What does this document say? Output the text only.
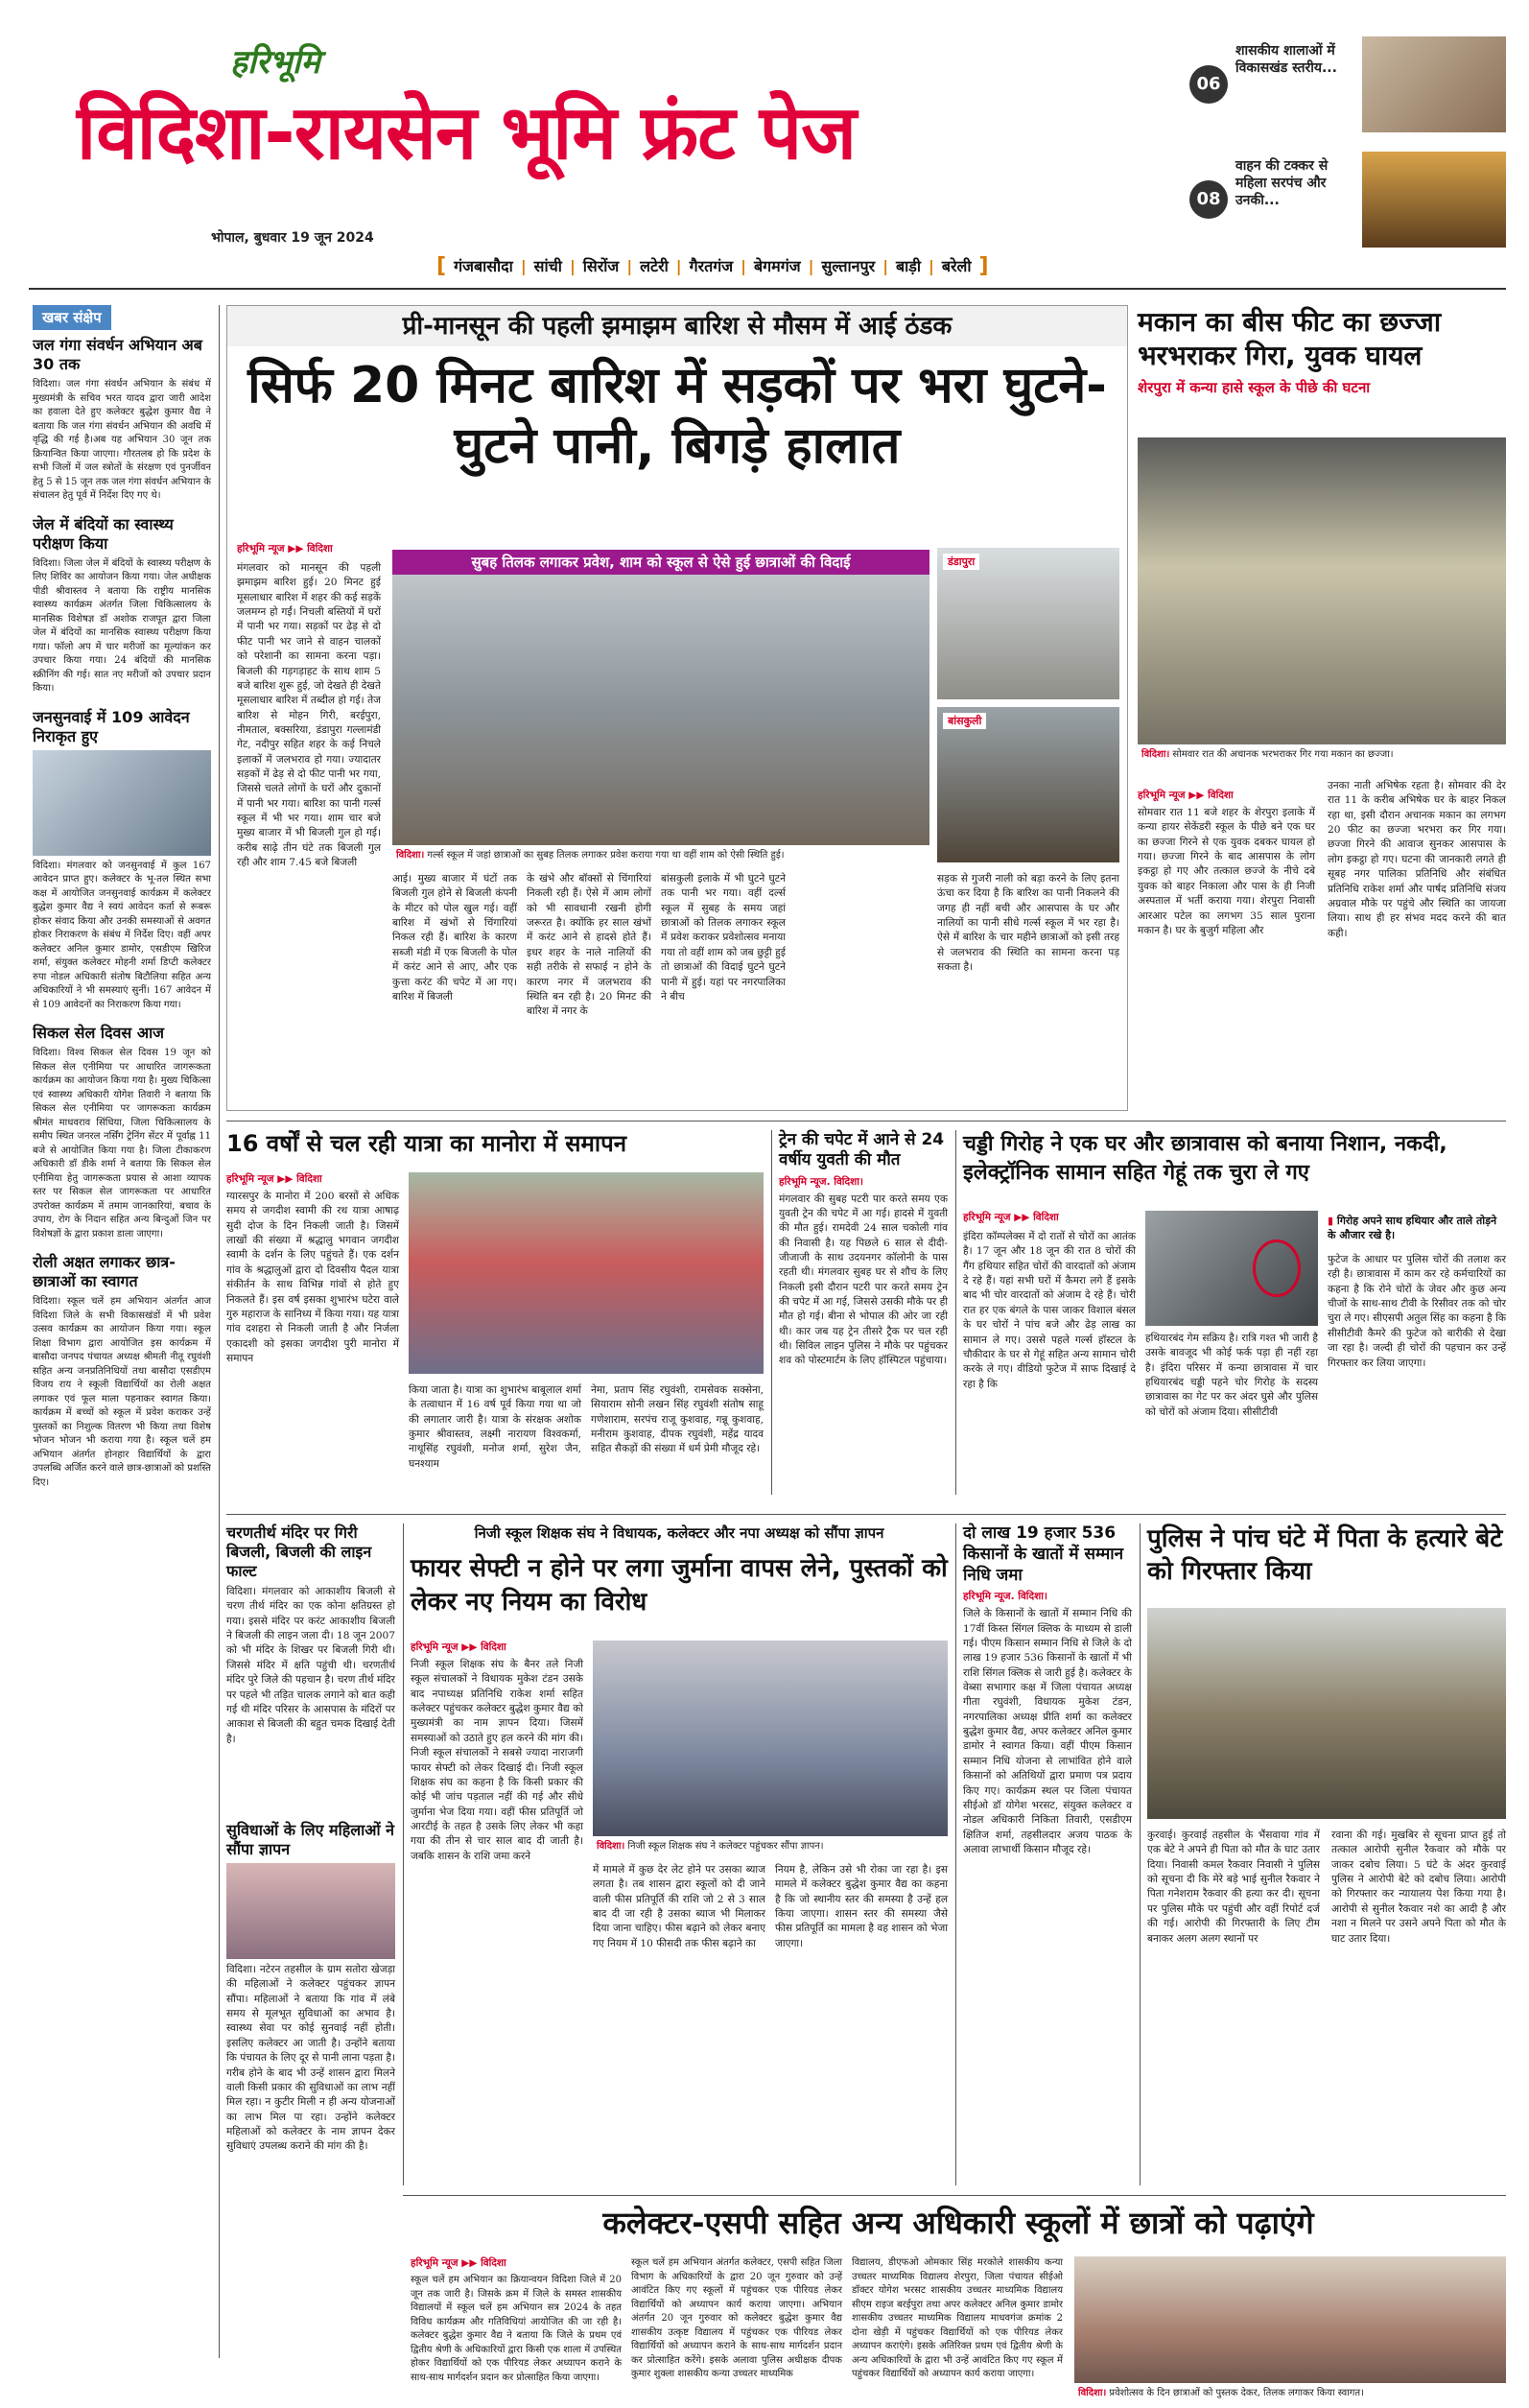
हरिभूमि
विदिशा-रायसेन भूमि फ्रंट पेज
भोपाल, बुधवार 19 जून 2024
06
शासकीय शालाओं में विकासखंड स्तरीय...
08
वाहन की टक्कर से महिला सरपंच और उनकी...
[ गंजबासौदा | सांची | सिरोंज | लटेरी | गैरतगंज | बेगमगंज | सुल्तानपुर | बाड़ी | बरेली ]
खबर संक्षेप
जल गंगा संवर्धन अभियान अब 30 तक
विदिशा। जल गंगा संवर्धन अभियान के संबंध में मुख्यमंत्री के सचिव भरत यादव द्वारा जारी आदेश का हवाला देते हुए कलेक्टर बुद्धेश कुमार वैद्य ने बताया कि जल गंगा संवर्धन अभियान की अवधि में वृद्धि की गई है।अब यह अभियान 30 जून तक क्रियान्वित किया जाएगा। गौरतलब हो कि प्रदेश के सभी जिलों में जल स्त्रोतों के संरक्षण एवं पुनर्जीवन हेतु 5 से 15 जून तक जल गंगा संवर्धन अभियान के संचालन हेतु पूर्व में निर्देश दिए गए थे।
जेल में बंदियों का स्वास्थ्य परीक्षण किया
विदिशा। जिला जेल में बंदियों के स्वास्थ्य परीक्षण के लिए शिविर का आयोजन किया गया। जेल अधीक्षक पीडी श्रीवास्तव ने बताया कि राष्ट्रीय मानसिक स्वास्थ्य कार्यक्रम अंतर्गत जिला चिकित्सालय के मानसिक विशेषज्ञ डॉ अशोक राजपूत द्वारा जिला जेल में बंदियों का मानसिक स्वास्थ्य परीक्षण किया गया। फॉलो अप में चार मरीजों का मूल्यांकन कर उपचार किया गया। 24 बंदियों की मानसिक स्क्रीनिंग की गई। सात नए मरीजों को उपचार प्रदान किया।
जनसुनवाई में 109 आवेदन निराकृत हुए
विदिशा। मंगलवार को जनसुनवाई में कुल 167 आवेदन प्राप्त हुए। कलेक्टर के भू-तल स्थित सभा कक्ष में आयोजित जनसुनवाई कार्यक्रम में कलेक्टर बुद्धेश कुमार वैद्य ने स्वयं आवेदन कर्ता से रूबरू होकर संवाद किया और उनकी समस्याओं से अवगत होकर निराकरण के संबंध में निर्देश दिए। वहीं अपर कलेक्टर अनिल कुमार डामोर, एसडीएम खिरिज शर्मा, संयुक्त कलेक्टर मोहनी शर्मा डिप्टी कलेक्टर रुपा नोडल अधिकारी संतोष बिटौलिया सहित अन्य अधिकारियों ने भी समस्याएं सुनीं। 167 आवेदन में से 109 आवेदनों का निराकरण किया गया।
सिकल सेल दिवस आज
विदिशा। विश्व सिकल सेल दिवस 19 जून को सिकल सेल एनीमिया पर आधारित जागरूकता कार्यक्रम का आयोजन किया गया है। मुख्य चिकित्सा एवं स्वास्थ्य अधिकारी योगेश तिवारी ने बताया कि सिकल सेल एनीमिया पर जागरूकता कार्यक्रम श्रीमंत माधवराव सिंधिया, जिला चिकित्सालय के समीप स्थित जनरल नर्सिंग ट्रेनिंग सेंटर में पूर्वाह्न 11 बजे से आयोजित किया गया है। जिला टीकाकरण अधिकारी डॉ डीके शर्मा ने बताया कि सिकल सेल एनीमिया हेतु जागरूकता प्रयास से आशा व्यापक स्तर पर सिकल सेल जागरूकता पर आधारित उपरोक्त कार्यक्रम में तमाम जानकारियां, बचाव के उपाय, रोग के निदान सहित अन्य बिन्दुओं जिन पर विशेषज्ञों के द्वारा प्रकाश डाला जाएगा।
रोली अक्षत लगाकर छात्र-छात्राओं का स्वागत
विदिशा। स्कूल चलें हम अभियान अंतर्गत आज विदिशा जिले के सभी विकासखंडों में भी प्रवेश उत्सव कार्यक्रम का आयोजन किया गया। स्कूल शिक्षा विभाग द्वारा आयोजित इस कार्यक्रम में बासौदा जनपद पंचायत अध्यक्ष श्रीमती नीतू रघुवंशी सहित अन्य जनप्रतिनिधियों तथा बासौदा एसडीएम विजय राय ने स्कूली विद्यार्थियों का रोली अक्षत लगाकर एवं फूल माला पहनाकर स्वागत किया। कार्यक्रम में बच्चों को स्कूल में प्रवेश कराकर उन्हें पुस्तकों का निशुल्क वितरण भी किया तथा विशेष भोजन भोजन भी कराया गया है। स्कूल चलें हम अभियान अंतर्गत होनहार विद्यार्थियों के द्वारा उपलब्धि अर्जित करने वाले छात्र-छात्राओं को प्रशस्ति दिए।
प्री-मानसून की पहली झमाझम बारिश से मौसम में आई ठंडक
सिर्फ 20 मिनट बारिश में सड़कों पर भरा घुटने-घुटने पानी, बिगड़े हालात
हरिभूमि न्यूज ▶▶ विदिशा
मंगलवार को मानसून की पहली झमाझम बारिश हुई। 20 मिनट हुई मूसलाधार बारिश में शहर की कई सड़कें जलमग्न हो गईं। निचली बस्तियों में घरों में पानी भर गया। सड़कों पर ढेड़ से दो फीट पानी भर जाने से वाहन चालकों को परेशानी का सामना करना पड़ा। बिजली की गड़गड़ाहट के साथ शाम 5 बजे बारिश शुरू हुई, जो देखते ही देखते मूसलाधार बारिश में तब्दील हो गई। तेज बारिश से मोहन गिरी, बरईपुरा, नीमताल, बक्सरिया, डंडापुरा गल्लामंडी गेट, नदीपुर सहित शहर के कई निचले इलाकों में जलभराव हो गया। ज्यादातर सड़कों में ढेड़ से दो फीट पानी भर गया, जिससे चलते लोगों के घरों और दुकानों में पानी भर गया। बारिश का पानी गर्ल्स स्कूल में भी भर गया। शाम चार बजे मुख्य बाजार में भी बिजली गुल हो गई। करीब साढ़े तीन घंटे तक बिजली गुल रही और शाम 7.45 बजे बिजली
सुबह तिलक लगाकर प्रवेश, शाम को स्कूल से ऐसे हुई छात्राओं की विदाई
विदिशा। गर्ल्स स्कूल में जहां छात्राओं का सुबह तिलक लगाकर प्रवेश कराया गया था वहीं शाम को ऐसी स्थिति हुई।
डंडापुरा
बांसकुली
आई। मुख्य बाजार में घंटों तक बिजली गुल होने से बिजली कंपनी के मीटर को पोल खुल गई। वहीं बारिश में खंभों से चिंगारियां निकल रही हैं। बारिश के कारण सब्जी मंडी में एक बिजली के पोल में करंट आने से आए, और एक कुत्ता करंट की चपेट में आ गए। बारिश में बिजली
के खंभे और बॉक्सों से चिंगारियां निकली रही हैं। ऐसे में आम लोगों को भी सावधानी रखनी होगी जरूरत है। क्योंकि हर साल खंभों में करंट आने से हादसे होते हैं। इधर शहर के नाले नालियों की सही तरीके से सफाई न होने के कारण नगर में जलभराव की स्थिति बन रही है। 20 मिनट की बारिश में नगर के
बांसकुली इलाके में भी घुटने घुटने तक पानी भर गया। वहीं दर्ल्स स्कूल में सुबह के समय जहां छात्राओं को तिलक लगाकर स्कूल में प्रवेश कराकर प्रवेशोत्सव मनाया गया तो वहीं शाम को जब छुट्टी हुई तो छात्राओं की विदाई घुटने घुटने पानी में हुई। यहां पर नगरपालिका ने बीच
सड़क से गुजरी नाली को बड़ा करने के लिए इतना ऊंचा कर दिया है कि बारिश का पानी निकलने की जगह ही नहीं बची और आसपास के घर और नालियों का पानी सीधे गर्ल्स स्कूल में भर रहा है। ऐसे में बारिश के चार महीने छात्राओं को इसी तरह से जलभराव की स्थिति का सामना करना पड़ सकता है।
मकान का बीस फीट का छज्जा भरभराकर गिरा, युवक घायल
शेरपुरा में कन्या हासे स्कूल के पीछे की घटना
विदिशा। सोमवार रात की अचानक भरभराकर गिर गया मकान का छज्जा।
हरिभूमि न्यूज ▶▶ विदिशा
सोमवार रात 11 बजे शहर के शेरपुरा इलाके में कन्या हायर सेकेंडरी स्कूल के पीछे बने एक घर का छज्जा गिरने से एक युवक दबकर घायल हो गया। छज्जा गिरने के बाद आसपास के लोग इकट्ठा हो गए और तत्काल छज्जे के नीचे दबे युवक को बाहर निकाला और पास के ही निजी अस्पताल में भर्ती कराया गया। शेरपुरा निवासी आरआर पटेल का लगभग 35 साल पुराना मकान है। घर के बुजुर्ग महिला और
उनका नाती अभिषेक रहता है। सोमवार की देर रात 11 के करीब अभिषेक घर के बाहर निकल रहा था, इसी दौरान अचानक मकान का लगभग 20 फीट का छज्जा भरभरा कर गिर गया। छज्जा गिरने की आवाज सुनकर आसपास के लोग इकट्ठा हो गए। घटना की जानकारी लगते ही सूबह नगर पालिका प्रतिनिधि और संबंधित प्रतिनिधि राकेश शर्मा और पार्षद प्रतिनिधि संजय अग्रवाल मौके पर पहुंचे और स्थिति का जायजा लिया। साथ ही हर संभव मदद करने की बात कही।
16 वर्षों से चल रही यात्रा का मानोरा में समापन
हरिभूमि न्यूज ▶▶ विदिशा
ग्यारसपुर के मानोरा में 200 बरसों से अधिक समय से जगदीश स्वामी की रथ यात्रा आषाढ़ सुदी दोज के दिन निकली जाती है। जिसमें लाखों की संख्या में श्रद्धालु भगवान जगदीश स्वामी के दर्शन के लिए पहुंचते हैं। एक दर्शन गांव के श्रद्धालुओं द्वारा दो दिवसीय पैदल यात्रा संकीर्तन के साथ विभिन्न गांवों से होते हुए निकलते हैं। इस वर्ष इसका शुभारंभ घटेरा वाले गुरु महाराज के सानिध्य में किया गया। यह यात्रा गांव दशहरा से निकली जाती है और निर्जला एकादशी को इसका जगदीश पुरी मानोरा में समापन
किया जाता है। यात्रा का शुभारंभ बाबूलाल शर्मा के तत्वाधान में 16 वर्ष पूर्व किया गया था जो की लगातार जारी है। यात्रा के संरक्षक अशोक कुमार श्रीवास्तव, लक्ष्मी नारायण विश्वकर्मा, नाथूसिंह रघुवंशी, मनोज शर्मा, सुरेश जैन, घनश्याम
नेमा, प्रताप सिंह रघुवंशी, रामसेवक सक्सेना, सियाराम सोनी लखन सिंह रघुवंशी संतोष साहू गणेशाराम, सरपंच राजू कुशवाह, गन्नू कुशवाह, मनीराम कुशवाह, दीपक रघुवंशी, महेंद्र यादव सहित सैकड़ों की संख्या में धर्म प्रेमी मौजूद रहे।
ट्रेन की चपेट में आने से 24 वर्षीय युवती की मौत
हरिभूमि न्यूज. विदिशा।
मंगलवार की सुबह पटरी पार करते समय एक युवती ट्रेन की चपेट में आ गई। हादसे में युवती की मौत हुई। रामदेवी 24 साल चकोली गांव की निवासी है। यह पिछले 6 साल से दीदी-जीजाजी के साथ उदयनगर कॉलोनी के पास रहती थी। मंगलवार सुबह घर से शौच के लिए निकली इसी दौरान पटरी पार करते समय ट्रेन की चपेट में आ गई, जिससे उसकी मौके पर ही मौत हो गई। बीना से भोपाल की ओर जा रही थी। कार जब यह ट्रेन तीसरे ट्रैक पर चल रही थी। सिविल लाइन पुलिस ने मौके पर पहुंचकर शव को पोस्टमार्टम के लिए हॉस्पिटल पहुंचाया।
चड्डी गिरोह ने एक घर और छात्रावास को बनाया निशान, नकदी, इलेक्ट्रॉनिक सामान सहित गेहूं तक चुरा ले गए
हरिभूमि न्यूज ▶▶ विदिशा
इंदिरा कॉम्पलेक्स में दो रातों से चोरों का आतंक है। 17 जून और 18 जून की रात 8 चोरों की गैंग हथियार सहित चोरों की वारदातों को अंजाम दे रहे हैं। यहां सभी घरों में कैमरा लगे हैं इसके बाद भी चोर वारदातों को अंजाम दे रहे हैं। चोरी रात हर एक बंगले के पास जाकर विशाल बंसल के घर चोरों ने पांच बजे और ढेड़ लाख का सामान ले गए। उससे पहले गर्ल्स हॉस्टल के चौकीदार के घर से गेहूं सहित अन्य सामान चोरी करके ले गए। वीडियो फुटेज में साफ दिखाई दे रहा है कि
▮ गिरोह अपने साथ हथियार और ताले तोड़ने के औजार रखे है।
हथियारबंद गेम सक्रिय है। रात्रि गश्त भी जारी है उसके बावजूद भी कोई फर्क पड़ा ही नहीं रहा है। इंदिरा परिसर में कन्या छात्रावास में चार हथियारबंद चड्डी पहने चोर गिरोह के सदस्य छात्रावास का गेट पर कर अंदर घुसे और पुलिस को चोरों को अंजाम दिया। सीसीटीवी
फुटेज के आधार पर पुलिस चोरों की तलाश कर रही है। छात्रावास में काम कर रहे कर्मचारियों का कहना है कि रोने चोरों के जेवर और कुछ अन्य चीजों के साथ-साथ टीवी के रिसीवर तक को चोर चुरा ले गए। सीएसपी अतुल सिंह का कहना है कि सीसीटीवी कैमरे की फुटेज को बारीकी से देखा जा रहा है। जल्दी ही चोरों की पहचान कर उन्हें गिरफ्तार कर लिया जाएगा।
चरणतीर्थ मंदिर पर गिरी बिजली, बिजली की लाइन फाल्ट
विदिशा। मंगलवार को आकाशीय बिजली से चरण तीर्थ मंदिर का एक कोना क्षतिग्रस्त हो गया। इससे मंदिर पर करंट आकाशीय बिजली ने बिजली की लाइन जला दी। 18 जून 2007 को भी मंदिर के शिखर पर बिजली गिरी थी। जिससे मंदिर में क्षति पहुंची थी। चरणतीर्थ मंदिर पुरे जिले की पहचान है। चरण तीर्थ मंदिर पर पहले भी तड़ित चालक लगाने को बात कही गई थी मंदिर परिसर के आसपास के मंदिरों पर आकाश से बिजली की बहुत चमक दिखाई देती है।
सुविधाओं के लिए महिलाओं ने सौंपा ज्ञापन
विदिशा। नटेरन तहसील के ग्राम सतोरा खेजड़ा की महिलाओं ने कलेक्टर पहुंचकर ज्ञापन सौंपा। महिलाओं ने बताया कि गांव में लंबे समय से मूलभूत सुविधाओं का अभाव है। स्वास्थ्य सेवा पर कोई सुनवाई नहीं होती। इसलिए कलेक्टर आ जाती है। उन्होंने बताया कि पंचायत के लिए दूर से पानी लाना पड़ता है। गरीब होने के बाद भी उन्हें शासन द्वारा मिलने वाली किसी प्रकार की सुविधाओं का लाभ नहीं मिल रहा। न कुटीर मिली न ही अन्य योजनाओं का लाभ मिल पा रहा। उन्होंने कलेक्टर महिलाओं को कलेक्टर के नाम ज्ञापन देकर सुविधाएं उपलब्ध कराने की मांग की है।
निजी स्कूल शिक्षक संघ ने विधायक, कलेक्टर और नपा अध्यक्ष को सौंपा ज्ञापन
फायर सेफ्टी न होने पर लगा जुर्माना वापस लेने, पुस्तकों को लेकर नए नियम का विरोध
हरिभूमि न्यूज ▶▶ विदिशा
निजी स्कूल शिक्षक संघ के बैनर तले निजी स्कूल संचालकों ने विधायक मुकेश टंडन उसके बाद नपाध्यक्ष प्रतिनिधि राकेश शर्मा सहित कलेक्टर पहुंचकर कलेक्टर बुद्धेश कुमार वैद्य को मुख्यमंत्री का नाम ज्ञापन दिया। जिसमें समस्याओं को उठाते हुए हल करने की मांग की। निजी स्कूल संचालकों ने सबसे ज्यादा नाराजगी फायर सेफ्टी को लेकर दिखाई दी। निजी स्कूल शिक्षक संघ का कहना है कि किसी प्रकार की कोई भी जांच पड़ताल नहीं की गई और सीधे जुर्माना भेज दिया गया। वहीं फीस प्रतिपूर्ति जो आरटीई के तहत है उसके लिए लेकर भी कहा गया की तीन से चार साल बाद दी जाती है। जबकि शासन के राशि जमा करने
विदिशा। निजी स्कूल शिक्षक संघ ने कलेक्टर पहुंचकर सौंपा ज्ञापन।
में मामले में कुछ देर लेट होने पर उसका ब्याज लगता है। तब शासन द्वारा स्कूलों को दी जाने वाली फीस प्रतिपूर्ति की राशि जो 2 से 3 साल बाद दी जा रही है उसका ब्याज भी मिलाकर दिया जाना चाहिए। फीस बढ़ाने को लेकर बनाए गए नियम में 10 फीसदी तक फीस बढ़ाने का
नियम है, लेकिन उसे भी रोका जा रहा है। इस मामले में कलेक्टर बुद्धेश कुमार वैद्य का कहना है कि जो स्थानीय स्तर की समस्या है उन्हें हल किया जाएगा। शासन स्तर की समस्या जैसे फीस प्रतिपूर्ति का मामला है वह शासन को भेजा जाएगा।
दो लाख 19 हजार 536 किसानों के खातों में सम्मान निधि जमा
हरिभूमि न्यूज. विदिशा।
जिले के किसानों के खातों में सम्मान निधि की 17वीं किस्त सिंगल क्लिक के माध्यम से डाली गई। पीएम किसान सम्मान निधि से जिले के दो लाख 19 हजार 536 किसानों के खातों में भी राशि सिंगल क्लिक से जारी हुई है। कलेक्टर के वेब्सा सभागार कक्ष में जिला पंचायत अध्यक्ष गीता रघुवंशी, विधायक मुकेश टंडन, नगरपालिका अध्यक्ष प्रीति शर्मा का कलेक्टर बुद्धेश कुमार वैद्य, अपर कलेक्टर अनिल कुमार डामोर ने स्वागत किया। वहीं पीएम किसान सम्मान निधि योजना से लाभांवित होने वाले किसानों को अतिथियों द्वारा प्रमाण पत्र प्रदाय किए गए। कार्यक्रम स्थल पर जिला पंचायत सीईओ डॉ योगेश भरसट, संयुक्त कलेक्टर व नोडल अधिकारी निकिता तिवारी, एसडीएम क्षितिज शर्मा, तहसीलदार अजय पाठक के अलावा लाभार्थी किसान मौजूद रहे।
पुलिस ने पांच घंटे में पिता के हत्यारे बेटे को गिरफ्तार किया
कुरवाई। कुरवाई तहसील के भैंसवाया गांव में एक बेटे ने अपने ही पिता को मौत के घाट उतार दिया। निवासी कमल रैकवार निवासी ने पुलिस को सूचना दी कि मेरे बड़े भाई सुनील रैकवार ने पिता गनेशराम रैकवार की हत्या कर दी। सूचना पर पुलिस मौके पर पहुंची और वहीं रिपोर्ट दर्ज की गई। आरोपी की गिरफ्तारी के लिए टीम बनाकर अलग अलग स्थानों पर
रवाना की गई। मुखबिर से सूचना प्राप्त हुई तो तत्काल आरोपी सुनील रैकवार को मौके पर जाकर दबोच लिया। 5 घंटे के अंदर कुरवाई पुलिस ने आरोपी बेटे को दबोच लिया। आरोपी को गिरफ्तार कर न्यायालय पेश किया गया है। आरोपी से सुनील रैकवार नशे का आदी है और नशा न मिलने पर उसने अपने पिता को मौत के घाट उतार दिया।
कलेक्टर-एसपी सहित अन्य अधिकारी स्कूलों में छात्रों को पढ़ाएंगे
हरिभूमि न्यूज ▶▶ विदिशा
स्कूल चलें हम अभियान का क्रियान्वयन विदिशा जिले में 20 जून तक जारी है। जिसके क्रम में जिले के समस्त शासकीय विद्यालयों में स्कूल चलें हम अभियान सत्र 2024 के तहत विविध कार्यक्रम और गतिविधियां आयोजित की जा रही है। कलेक्टर बुद्धेश कुमार वैद्य ने बताया कि जिले के प्रथम एवं द्वितीय श्रेणी के अधिकारियों द्वारा किसी एक शाला में उपस्थित होकर विद्यार्थियों को एक पीरियड लेकर अध्यापन कराने के साथ-साथ मार्गदर्शन प्रदान कर प्रोत्साहित किया जाएगा।
स्कूल चलें हम अभियान अंतर्गत कलेक्टर, एसपी सहित जिला विभाग के अधिकारियों के द्वारा 20 जून गुरुवार को उन्हें आवंटित किए गए स्कूलों में पहुंचकर एक पीरियड लेकर विद्यार्थियों को अध्यापन कार्य कराया जाएगा। अभियान अंतर्गत 20 जून गुरुवार को कलेक्टर बुद्धेश कुमार वैद्य शासकीय उत्कृष्ट विद्यालय में पहुंचकर एक पीरियड लेकर विद्यार्थियों को अध्यापन कराने के साथ-साथ मार्गदर्शन प्रदान कर प्रोत्साहित करेंगे। इसके अलावा पुलिस अधीक्षक दीपक कुमार शुक्ला शासकीय कन्या उच्चतर माध्यमिक
विद्यालय, डीएफओ ओमकार सिंह मरकोले शासकीय कन्या उच्चतर माध्यमिक विद्यालय शेरपुरा, जिला पंचायत सीईओ डॉक्टर योगेश भरसट शासकीय उच्चतर माध्यमिक विद्यालय सीएम राइज बरईपुरा तथा अपर कलेक्टर अनिल कुमार डामोर शासकीय उच्चतर माध्यमिक विद्यालय माधवगंज क्रमांक 2 दोना खेड़ी में पहुंचकर विद्यार्थियों को एक पीरियड लेकर अध्यापन कराएंगे। इसके अतिरिक्त प्रथम एवं द्वितीय श्रेणी के अन्य अधिकारियों के द्वारा भी उन्हें आवंटित किए गए स्कूल में पहुंचकर विद्यार्थियों को अध्यापन कार्य कराया जाएगा।
विदिशा। प्रवेशोत्सव के दिन छात्राओं को पुस्तक देकर, तिलक लगाकर किया स्वागत।
